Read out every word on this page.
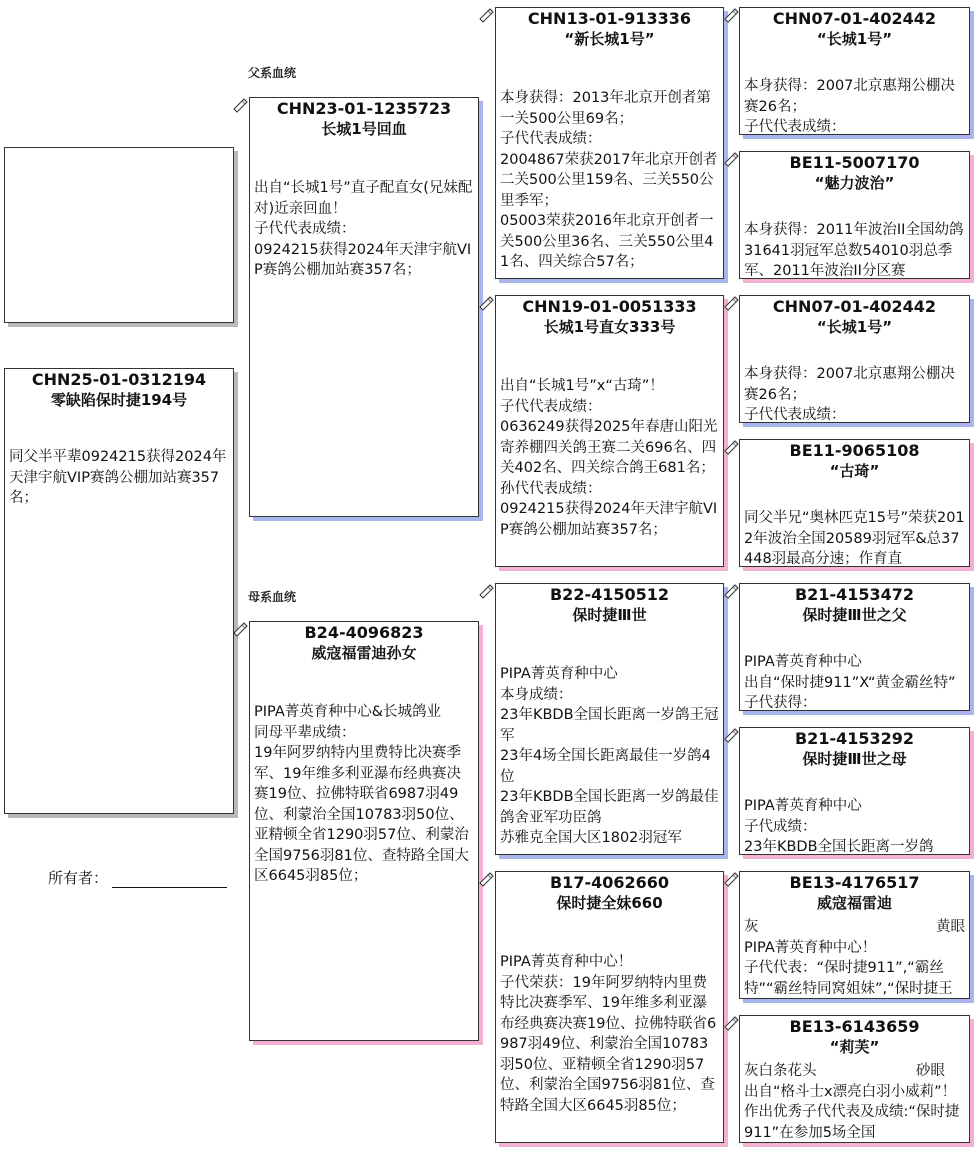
父系血统
母系血统
CHN25-01-0312194
零缺陷保时捷194号
同父半平辈0924215获得2024年天津宇航VIP赛鸽公棚加站赛357名；
所有者：
CHN23-01-1235723
长城1号回血
出自“长城1号”直子配直女(兄妹配对)近亲回血！
子代代表成绩：
0924215获得2024年天津宇航VIP赛鸽公棚加站赛357名；
B24-4096823
威寇福雷迪孙女
PIPA菁英育种中心&长城鸽业
同母平辈成绩：
19年阿罗纳特内里费特比决赛季军、19年维多利亚瀑布经典赛决赛19位、拉佛特联省6987羽49位、利蒙治全国10783羽50位、亚精顿全省1290羽57位、利蒙治全国9756羽81位、查特路全国大区6645羽85位；
CHN13-01-913336
“新长城1号”
本身获得：2013年北京开创者第一关500公里69名；
子代代表成绩：
2004867荣获2017年北京开创者二关500公里159名、三关550公里季军；
05003荣获2016年北京开创者一关500公里36名、三关550公里41名、四关综合57名；
CHN19-01-0051333
长城1号直女333号
出自“长城1号”x“古琦”！
子代代表成绩：
0636249获得2025年春唐山阳光寄养棚四关鸽王赛二关696名、四关402名、四关综合鸽王681名；
孙代代表成绩：
0924215获得2024年天津宇航VIP赛鸽公棚加站赛357名；
B22-4150512
保时捷Ⅲ世
PIPA菁英育种中心
本身成绩：
23年KBDB全国长距离一岁鸽王冠军
23年4场全国长距离最佳一岁鸽4位
23年KBDB全国长距离一岁鸽最佳鸽舍亚军功臣鸽
苏雅克全国大区1802羽冠军
B17-4062660
保时捷全妹660
PIPA菁英育种中心！
子代荣获：19年阿罗纳特内里费特比决赛季军、19年维多利亚瀑布经典赛决赛19位、拉佛特联省6987羽49位、利蒙治全国10783羽50位、亚精顿全省1290羽57位、利蒙治全国9756羽81位、查特路全国大区6645羽85位；
CHN07-01-402442
“长城1号”
本身获得：2007北京惠翔公棚决赛26名；
子代代表成绩：
BE11-5007170
“魅力波治”
本身获得：2011年波治II全国幼鸽31641羽冠军总数54010羽总季军、2011年波治II分区赛
CHN07-01-402442
“长城1号”
本身获得：2007北京惠翔公棚决赛26名；
子代代表成绩：
BE11-9065108
“古琦”
同父半兄“奥林匹克15号”荣获2012年波治全国20589羽冠军&总37448羽最高分速；作育直
B21-4153472
保时捷Ⅲ世之父
PIPA菁英育种中心
出自“保时捷911”X“黄金霸丝特”
子代获得：
B21-4153292
保时捷Ⅲ世之母
PIPA菁英育种中心
子代成绩：
23年KBDB全国长距离一岁鸽
BE13-4176517
威寇福雷迪
灰	黄眼
PIPA菁英育种中心！
子代代表：“保时捷911”,“霸丝特”“霸丝特同窝姐妹”,“保时捷王
BE13-6143659
“莉芙”
灰白条花头	砂眼
出自“格斗士x漂亮白羽小威莉”！作出优秀子代代表及成绩:“保时捷911”在参加5场全国
